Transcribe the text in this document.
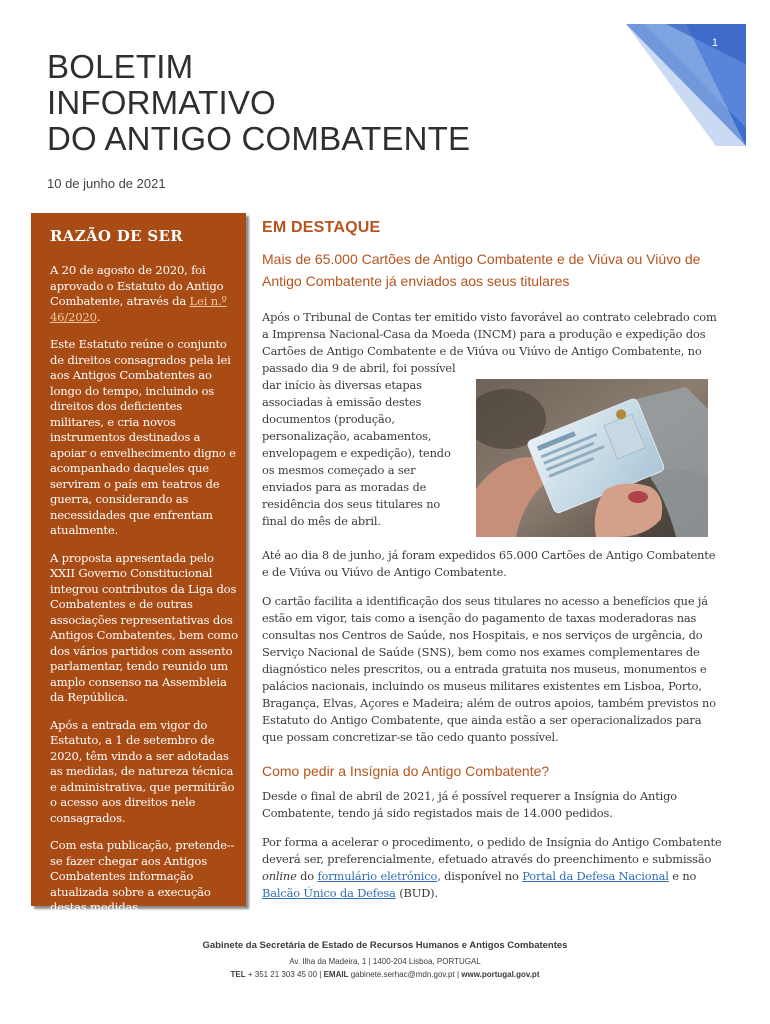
1
BOLETIM
INFORMATIVO
DO ANTIGO COMBATENTE
10 de junho de 2021
RAZÃO DE SER

A 20 de agosto de 2020, foi aprovado o Estatuto do Antigo Combatente, através da Lei n.º 46/2020.

Este Estatuto reúne o conjunto de direitos consagrados pela lei aos Antigos Combatentes ao longo do tempo, incluindo os direitos dos deficientes militares, e cria novos instrumentos destinados a apoiar o envelhecimento digno e acompanhado daqueles que serviram o país em teatros de guerra, considerando as necessidades que enfrentam atualmente.

A proposta apresentada pelo XXII Governo Constitucional integrou contributos da Liga dos Combatentes e de outras associações representativas dos Antigos Combatentes, bem como dos vários partidos com assento parlamentar, tendo reunido um amplo consenso na Assembleia da República.

Após a entrada em vigor do Estatuto, a 1 de setembro de 2020, têm vindo a ser adotadas as medidas, de natureza técnica e administrativa, que permitirão o acesso aos direitos nele consagrados.

Com esta publicação, pretende--se fazer chegar aos Antigos Combatentes informação atualizada sobre a execução destas medidas.

EM DESTAQUE
Mais de 65.000 Cartões de Antigo Combatente e de Viúva ou Viúvo de Antigo Combatente já enviados aos seus titulares

Após o Tribunal de Contas ter emitido visto favorável ao contrato celebrado com a Imprensa Nacional-Casa da Moeda (INCM) para a produção e expedição dos Cartões de Antigo Combatente e de Viúva ou Viúvo de Antigo Combatente, no

passado dia 9 de abril, foi possível dar início às diversas etapas associadas à emissão destes documentos (produção, personalização, acabamentos, envelopagem e expedição), tendo os mesmos começado a ser enviados para as moradas de residência dos seus titulares no final do mês de abril.

Até ao dia 8 de junho, já foram expedidos 65.000 Cartões de Antigo Combatente e de Viúva ou Viúvo de Antigo Combatente.

O cartão facilita a identificação dos seus titulares no acesso a benefícios que já estão em vigor, tais como a isenção do pagamento de taxas moderadoras nas consultas nos Centros de Saúde, nos Hospitais, e nos serviços de urgência, do Serviço Nacional de Saúde (SNS), bem como nos exames complementares de diagnóstico neles prescritos, ou a entrada gratuita nos museus, monumentos e palácios nacionais, incluindo os museus militares existentes em Lisboa, Porto, Bragança, Elvas, Açores e Madeira; além de outros apoios, também previstos no Estatuto do Antigo Combatente, que ainda estão a ser operacionalizados para que possam concretizar-se tão cedo quanto possível.

Como pedir a Insígnia do Antigo Combatente?

Desde o final de abril de 2021, já é possível requerer a Insígnia do Antigo Combatente, tendo já sido registados mais de 14.000 pedidos.

Por forma a acelerar o procedimento, o pedido de Insígnia do Antigo Combatente deverá ser, preferencialmente, efetuado através do preenchimento e submissão online do formulário eletrónico, disponível no Portal da Defesa Nacional e no Balcão Único da Defesa (BUD).

Gabinete da Secretária de Estado de Recursos Humanos e Antigos Combatentes

Av. Ilha da Madeira, 1 | 1400-204 Lisboa, PORTUGAL

TEL + 351 21 303 45 00 | EMAIL gabinete.serhac@mdn.gov.pt | www.portugal.gov.pt
